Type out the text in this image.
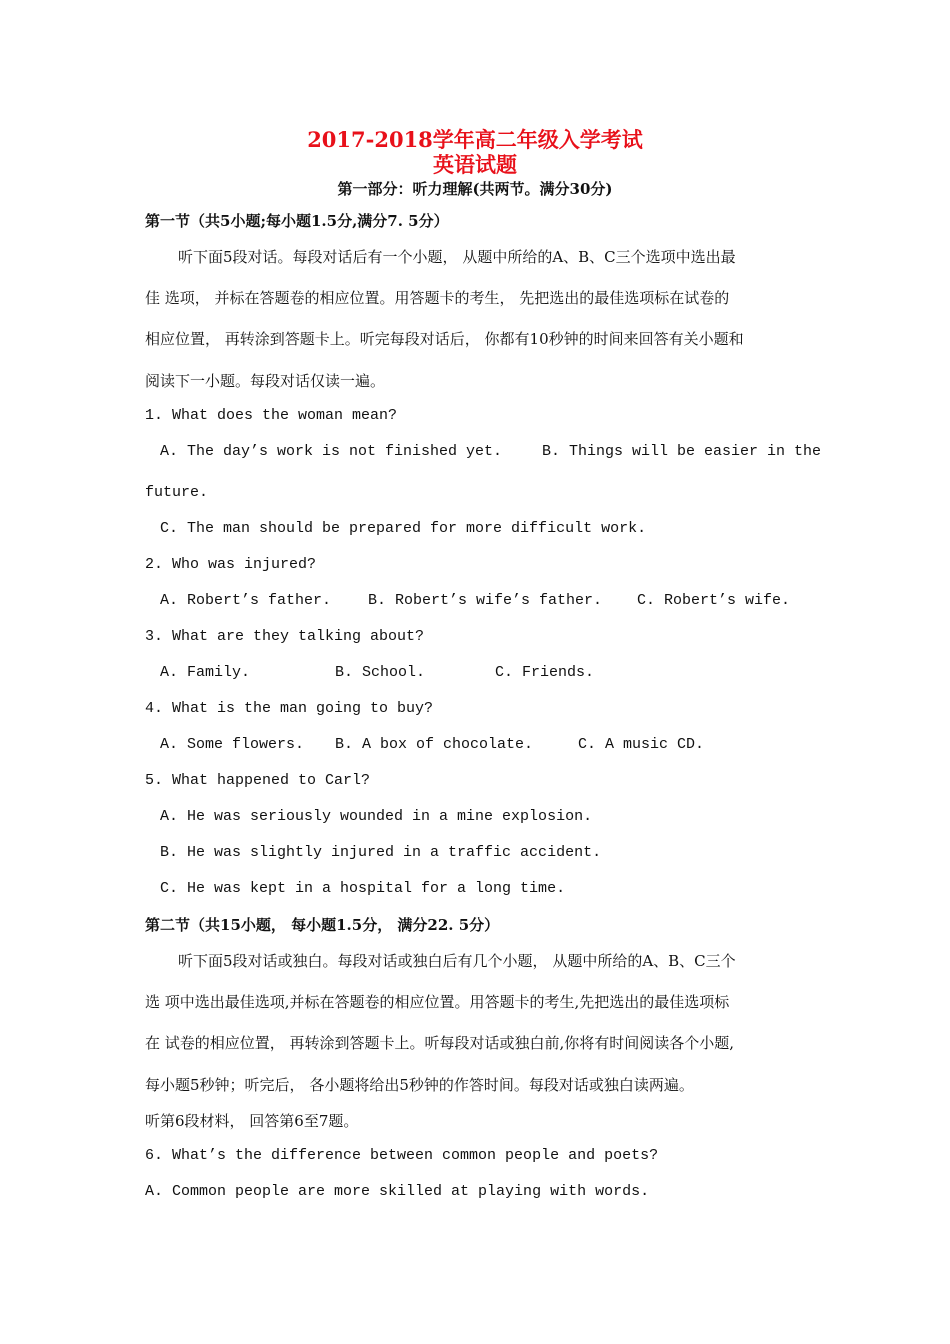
2017-2018学年高二年级入学考试
英语试题
第一部分：听力理解(共两节。满分30分)
第一节（共5小题;每小题1.5分,满分7. 5分）
听下面5段对话。每段对话后有一个小题， 从题中所给的A、B、C三个选项中选出最
佳 选项， 并标在答题卷的相应位置。用答题卡的考生， 先把选出的最佳选项标在试卷的
相应位置， 再转涂到答题卡上。听完每段对话后， 你都有10秒钟的时间来回答有关小题和
阅读下一小题。每段对话仅读一遍。
1. What does the woman mean?
A. The day’s work is not finished yet.	B. Things will be easier in the
future.
C. The man should be prepared for more difficult work.
2. Who was injured?
A. Robert’s father. B. Robert’s wife’s father. C. Robert’s wife.
3. What are they talking about?
A. Family.	B. School.	C. Friends.
4. What is the man going to buy?
A. Some flowers. B. A box of chocolate.	C. A music CD.
5. What happened to Carl?
A. He was seriously wounded in a mine explosion.
B. He was slightly injured in a traffic accident.
C. He was kept in a hospital for a long time.
第二节（共15小题， 每小题1.5分， 满分22. 5分）
听下面5段对话或独白。每段对话或独白后有几个小题， 从题中所给的A、B、C三个
选 项中选出最佳选项,并标在答题卷的相应位置。用答题卡的考生,先把选出的最佳选项标
在 试卷的相应位置， 再转涂到答题卡上。听每段对话或独白前,你将有时间阅读各个小题,
每小题5秒钟；听完后， 各小题将给出5秒钟的作答时间。每段对话或独白读两遍。
听第6段材料， 回答第6至7题。
6. What’s the difference between common people and poets?
A. Common people are more skilled at playing with words.
